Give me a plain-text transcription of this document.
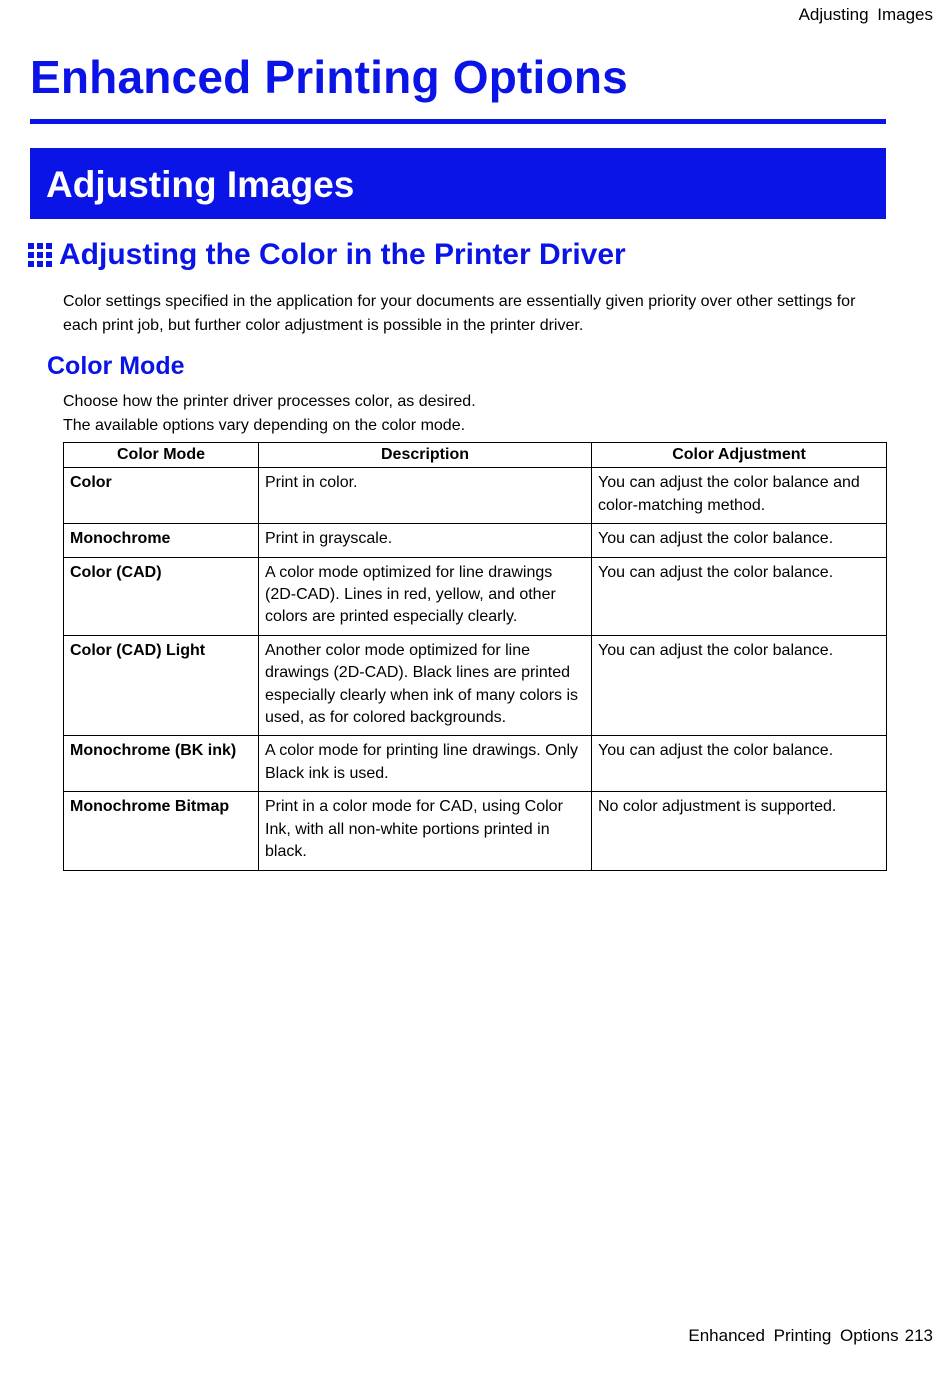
Adjusting Images
Enhanced Printing Options
Adjusting Images
Adjusting the Color in the Printer Driver

Color settings specified in the application for your documents are essentially given priority over other settings for each print job, but further color adjustment is possible in the printer driver.

Color Mode

Choose how the printer driver processes color, as desired.

The available options vary depending on the color mode.

Color Mode	Description	Color Adjustment
Color	Print in color.	You can adjust the color balance and color-matching method.
Monochrome	Print in grayscale.	You can adjust the color balance.
Color (CAD)	A color mode optimized for line drawings (2D-CAD). Lines in red, yellow, and other colors are printed especially clearly.	You can adjust the color balance.
Color (CAD) Light	Another color mode optimized for line drawings (2D-CAD). Black lines are printed especially clearly when ink of many colors is used, as for colored backgrounds.	You can adjust the color balance.
Monochrome (BK ink)	A color mode for printing line drawings. Only Black ink is used.	You can adjust the color balance.
Monochrome Bitmap	Print in a color mode for CAD, using Color Ink, with all non-white portions printed in black.	No color adjustment is supported.
Enhanced Printing Options 213
